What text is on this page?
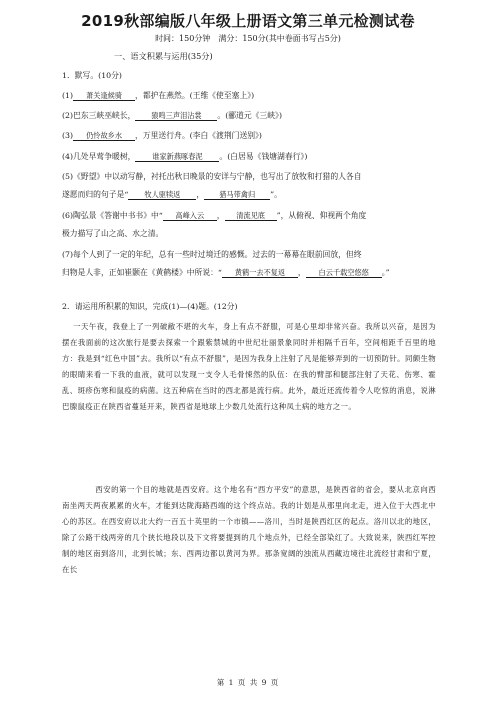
2019秋部编版八年级上册语文第三单元检测试卷
时间：150分钟　满分：150分(其中卷面书写占5分)
一、语文积累与运用(35分)
1．默写。(10分)
(1) 萧关逢候骑 ，都护在燕然。(王维《使至塞上》)
(2)巴东三峡巫峡长， 猿鸣三声泪沾裳 。(郦道元《三峡》)
(3) 仍怜故乡水 ，万里送行舟。(李白《渡荆门送别》)
(4)几处早莺争暖树， 谁家新燕啄春泥 。(白居易《钱塘湖春行》)
(5)《野望》中以动写静，衬托出秋日晚景的安详与宁静，也写出了放牧和打猎的人各自
遂愿而归的句子是“ 牧人驱犊返 ， 猎马带禽归 ”。
(6)陶弘景《答谢中书书》中“ 高峰入云 ， 清流见底 ”，从俯视、仰视两个角度
极力描写了山之高、水之清。
(7)每个人到了一定的年纪，总有一些时过境迁的感慨。过去的一幕幕在眼前回放，但终
归物是人非，正如崔颢在《黄鹤楼》中所说：“ 黄鹤一去不复返 ， 白云千载空悠悠 。”
2．请运用所积累的知识，完成(1)—(4)题。(12分)
一天午夜，我登上了一列破敝不堪的火车，身上有点不舒服，可是心里却非常兴奋。我所以兴奋，是因为摆在我面前的这次旅行是要去探索一个跟紫禁城的中世纪壮丽景象同时并相隔千百年，空间相距千百里的地方：我是到“红色中国”去。我所以“有点不舒服”，是因为我身上注射了凡是能够弄到的一切预防针。同颇生物的眼睛来看一下我的血液，就可以发现一支令人毛骨悚然的队伍：在我的臂部和腿部注射了天花、伤寒、霍乱、斑疹伤寒和鼠疫的病菌。这五种病在当时的西北都是流行病。此外，最近还流传着令人吃惊的消息，说淋巴腺鼠疫正在陕西省蔓延开来，陕西省是地球上少数几处流行这种凤土病的地方之一。
西安的第一个目的地就是西安府。这个地名有“西方平安”的意思，是陕西省的省会，要从北京向西南坐两天两夜累累的火车，才能到达陇海路西端的这个终点站。我的计划是从那里向北走，进入位于大西北中心的苏区。在西安府以北大约一百五十英里的一个市镇——洛川，当时是陕西红区的起点。洛川以北的地区，除了公路干线两旁的几个狭长地段以及下文将要提到的几个地点外，已经全部染红了。大致说来，陕西红军控制的地区南到洛川，北到长城；东、西两边都以黄河为界。那条宽阔的浊流从西藏边境往北流经甘肃和宁夏，在长
第 1 页 共 9 页
